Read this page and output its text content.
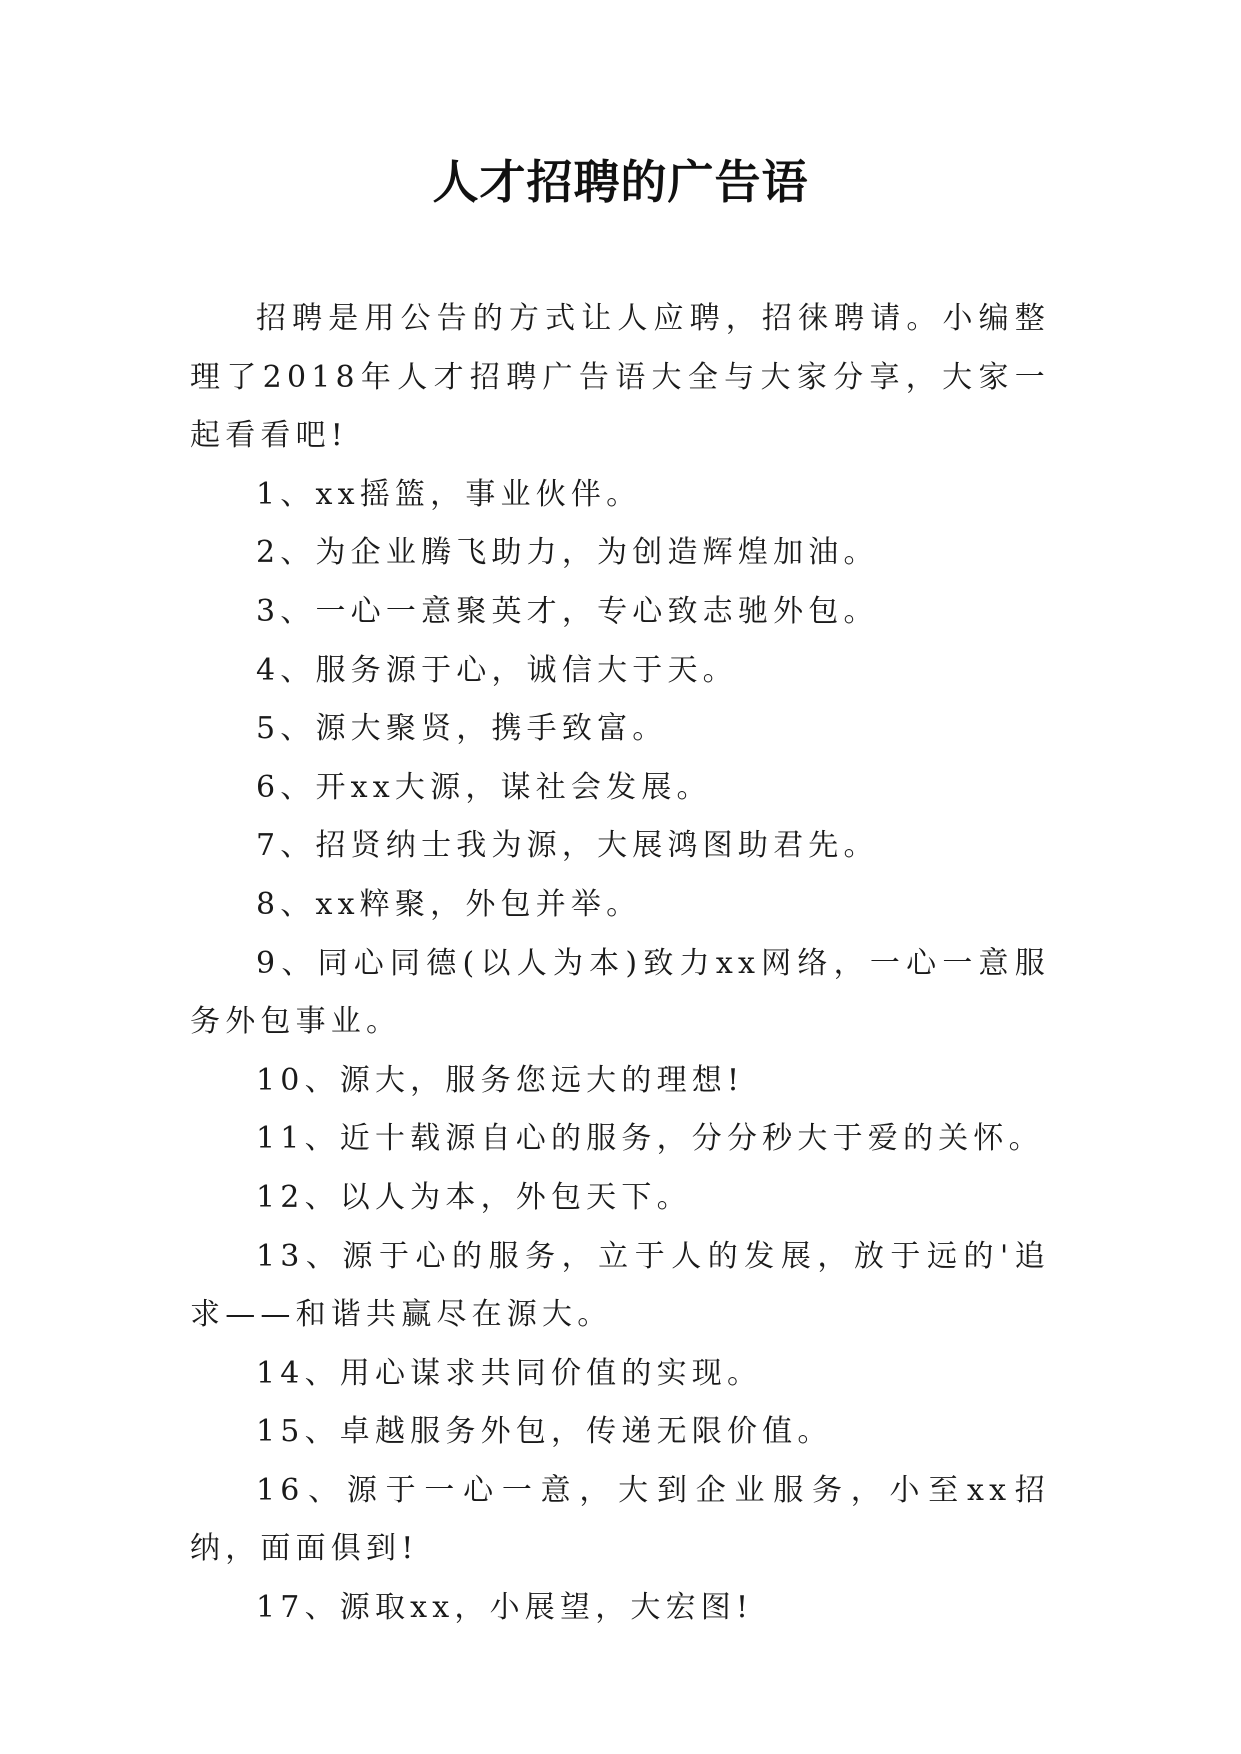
人才招聘的广告语

招聘是用公告的方式让人应聘，招徕聘请。小编整理了2018年人才招聘广告语大全与大家分享，大家一起看看吧!

1、xx摇篮，事业伙伴。

2、为企业腾飞助力，为创造辉煌加油。

3、一心一意聚英才，专心致志驰外包。

4、服务源于心，诚信大于天。

5、源大聚贤，携手致富。

6、开xx大源，谋社会发展。

7、招贤纳士我为源，大展鸿图助君先。

8、xx粹聚，外包并举。

9、同心同德(以人为本)致力xx网络，一心一意服务外包事业。

10、源大，服务您远大的理想!

11、近十载源自心的服务，分分秒大于爱的关怀。

12、以人为本，外包天下。

13、源于心的服务，立于人的发展，放于远的'追求——和谐共赢尽在源大。

14、用心谋求共同价值的实现。

15、卓越服务外包，传递无限价值。

16、源于一心一意，大到企业服务，小至xx招纳，面面俱到!

17、源取xx，小展望，大宏图!
